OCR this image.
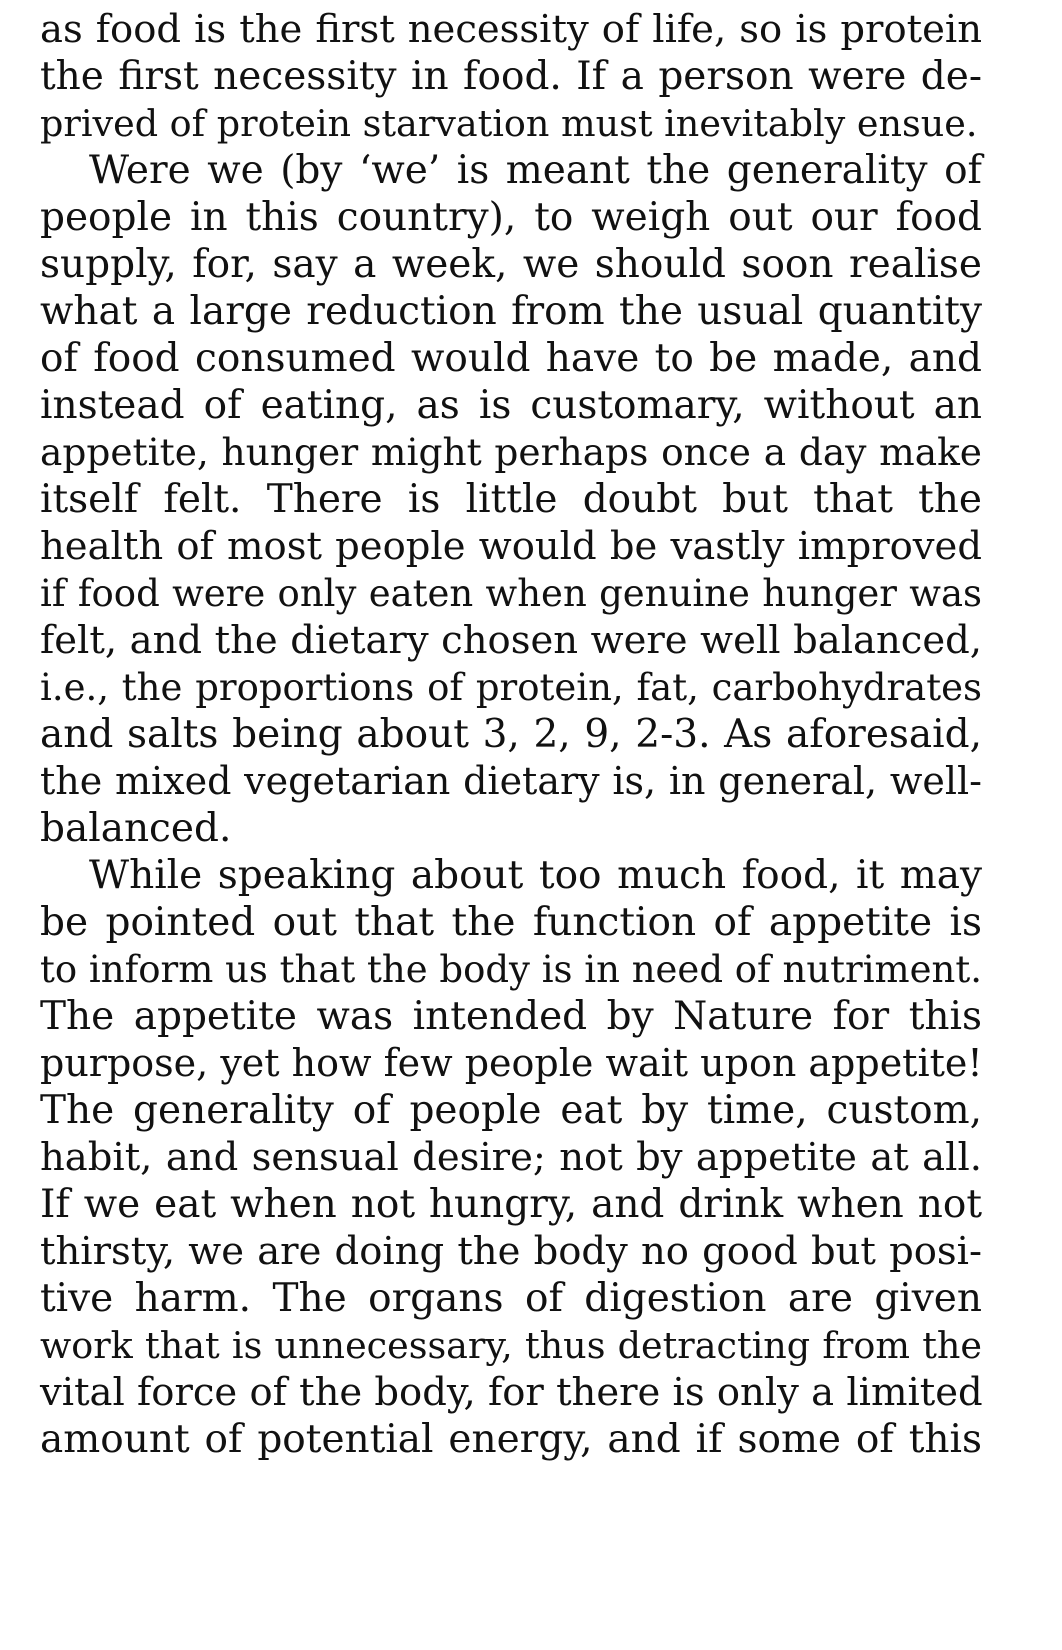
as food is the first necessity of life, so is protein
the first necessity in food. If a person were de-
prived of protein starvation must inevitably ensue.
Were we (by ‘we’ is meant the generality of
people in this country), to weigh out our food
supply, for, say a week, we should soon realise
what a large reduction from the usual quantity
of food consumed would have to be made, and
instead of eating, as is customary, without an
appetite, hunger might perhaps once a day make
itself felt. There is little doubt but that the
health of most people would be vastly improved
if food were only eaten when genuine hunger was
felt, and the dietary chosen were well balanced,
i.e., the proportions of protein, fat, carbohydrates
and salts being about 3, 2, 9, 2-3. As aforesaid,
the mixed vegetarian dietary is, in general, well-
balanced.
While speaking about too much food, it may
be pointed out that the function of appetite is
to inform us that the body is in need of nutriment.
The appetite was intended by Nature for this
purpose, yet how few people wait upon appetite!
The generality of people eat by time, custom,
habit, and sensual desire; not by appetite at all.
If we eat when not hungry, and drink when not
thirsty, we are doing the body no good but posi-
tive harm. The organs of digestion are given
work that is unnecessary, thus detracting from the
vital force of the body, for there is only a limited
amount of potential energy, and if some of this
